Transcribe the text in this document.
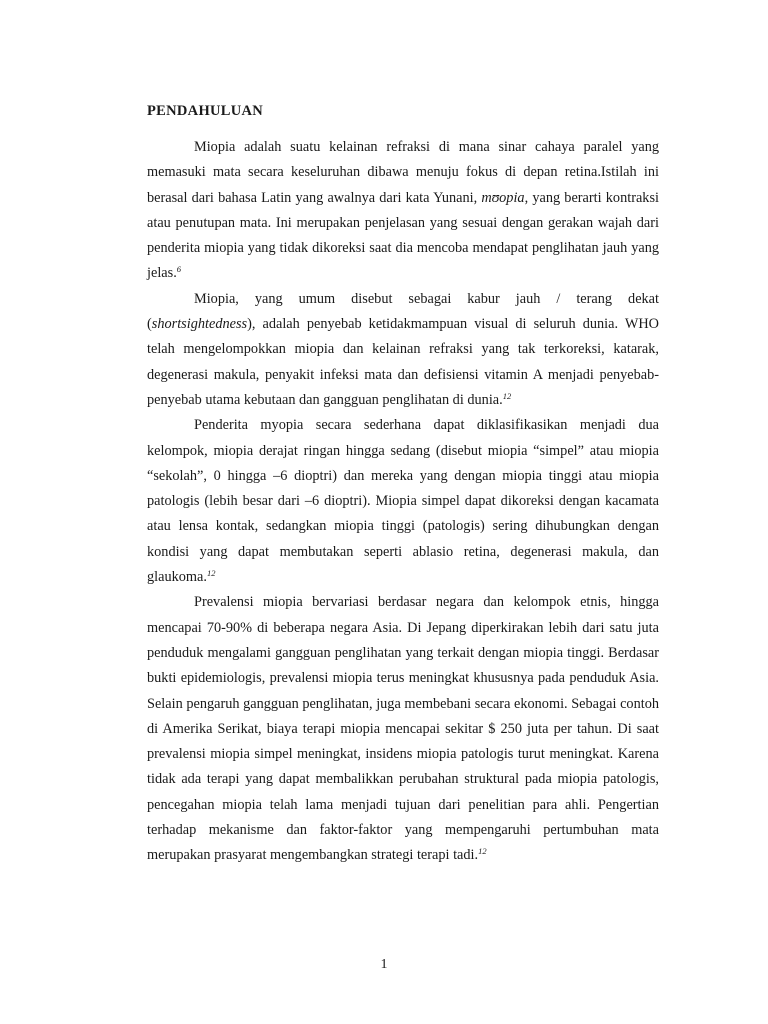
PENDAHULUAN

Miopia adalah suatu kelainan refraksi di mana sinar cahaya paralel yang memasuki mata secara keseluruhan dibawa menuju fokus di depan retina.Istilah ini berasal dari bahasa Latin yang awalnya dari kata Yunani, mʊopia, yang berarti kontraksi atau penutupan mata. Ini merupakan penjelasan yang sesuai dengan gerakan wajah dari penderita miopia yang tidak dikoreksi saat dia mencoba mendapat penglihatan jauh yang jelas.$^6$

Miopia, yang umum disebut sebagai kabur jauh / terang dekat (shortsightedness), adalah penyebab ketidakmampuan visual di seluruh dunia. WHO telah mengelompokkan miopia dan kelainan refraksi yang tak terkoreksi, katarak, degenerasi makula, penyakit infeksi mata dan defisiensi vitamin A menjadi penyebab-penyebab utama kebutaan dan gangguan penglihatan di dunia.$^{12}$

Penderita myopia secara sederhana dapat diklasifikasikan menjadi dua kelompok, miopia derajat ringan hingga sedang (disebut miopia “simpel” atau miopia “sekolah”, 0 hingga –6 dioptri) dan mereka yang dengan miopia tinggi atau miopia patologis (lebih besar dari –6 dioptri). Miopia simpel dapat dikoreksi dengan kacamata atau lensa kontak, sedangkan miopia tinggi (patologis) sering dihubungkan dengan kondisi yang dapat membutakan seperti ablasio retina, degenerasi makula, dan glaukoma.$^{12}$

Prevalensi miopia bervariasi berdasar negara dan kelompok etnis, hingga mencapai 70-90% di beberapa negara Asia. Di Jepang diperkirakan lebih dari satu juta penduduk mengalami gangguan penglihatan yang terkait dengan miopia tinggi. Berdasar bukti epidemiologis, prevalensi miopia terus meningkat khususnya pada penduduk Asia. Selain pengaruh gangguan penglihatan, juga membebani secara ekonomi. Sebagai contoh di Amerika Serikat, biaya terapi miopia mencapai sekitar $ 250 juta per tahun. Di saat prevalensi miopia simpel meningkat, insidens miopia patologis turut meningkat. Karena tidak ada terapi yang dapat membalikkan perubahan struktural pada miopia patologis, pencegahan miopia telah lama menjadi tujuan dari penelitian para ahli. Pengertian terhadap mekanisme dan faktor-faktor yang mempengaruhi pertumbuhan mata merupakan prasyarat mengembangkan strategi terapi tadi.$^{12}$

1
